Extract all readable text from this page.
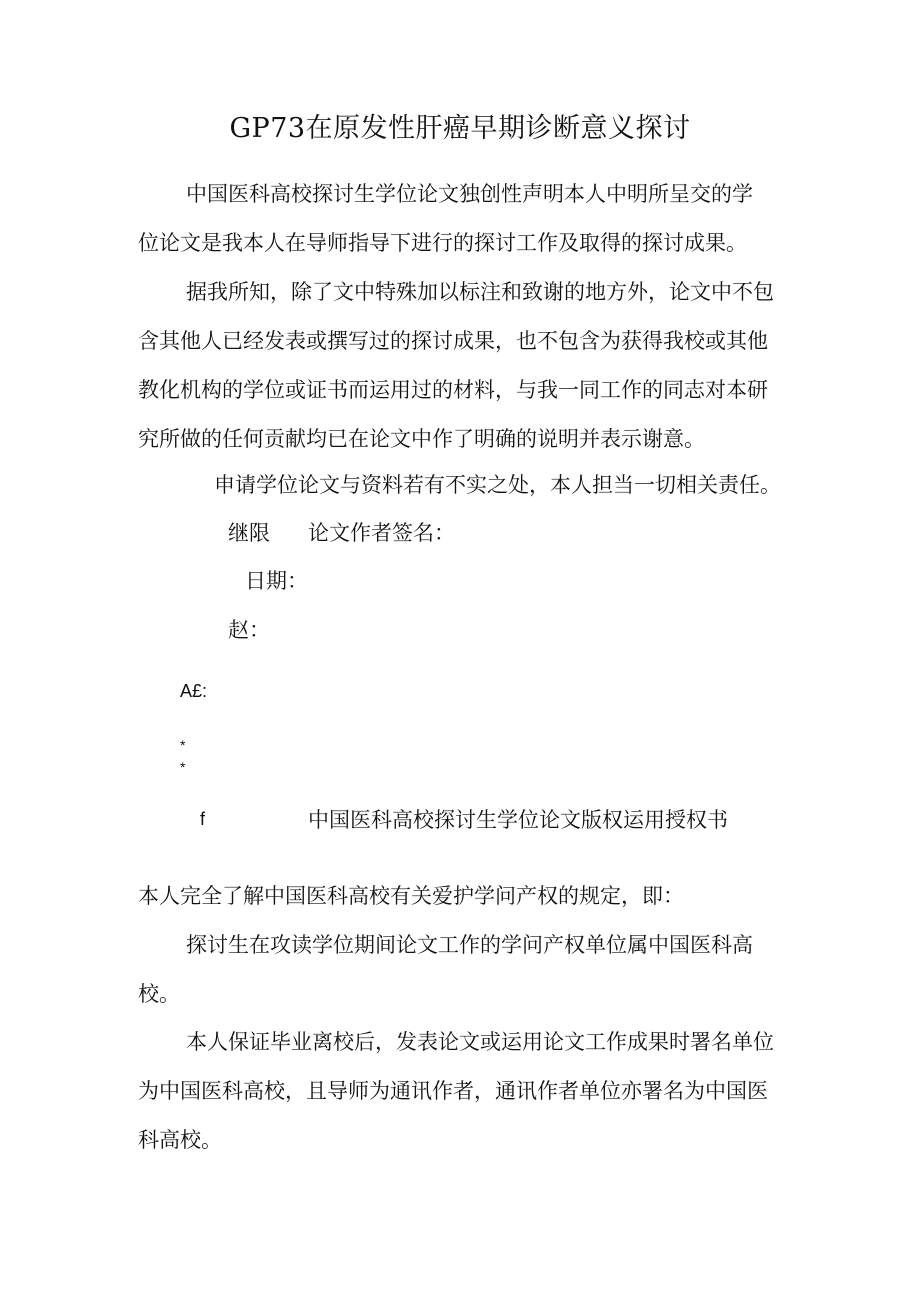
GP73在原发性肝癌早期诊断意义探讨
中国医科高校探讨生学位论文独创性声明本人中明所呈交的学
位论文是我本人在导师指导下进行的探讨工作及取得的探讨成果。
据我所知，除了文中特殊加以标注和致谢的地方外，论文中不包
含其他人已经发表或撰写过的探讨成果，也不包含为获得我校或其他
教化机构的学位或证书而运用过的材料，与我一同工作的同志对本研
究所做的任何贡献均已在论文中作了明确的说明并表示谢意。
申请学位论文与资料若有不实之处，本人担当一切相关责任。
继限 论文作者签名：
日期：
赵：
A£:
*
*
f	中国医科高校探讨生学位论文版权运用授权书
本人完全了解中国医科高校有关爱护学问产权的规定，即：
探讨生在攻读学位期间论文工作的学问产权单位属中国医科高
校。
本人保证毕业离校后，发表论文或运用论文工作成果时署名单位
为中国医科高校，且导师为通讯作者，通讯作者单位亦署名为中国医
科高校。
